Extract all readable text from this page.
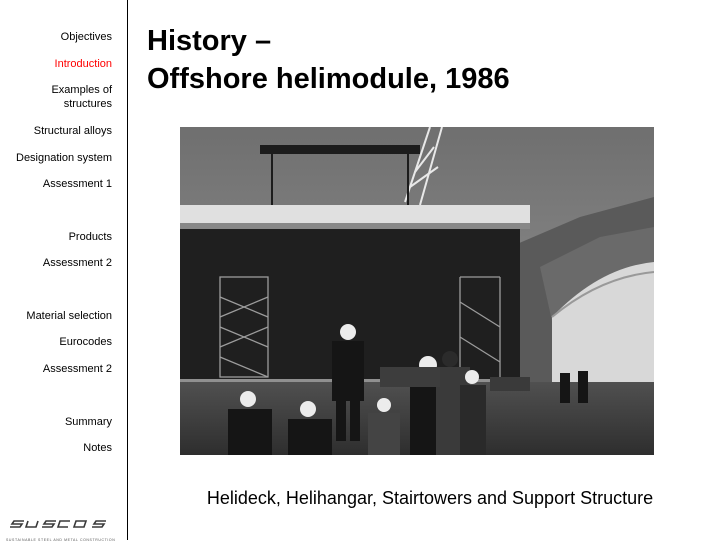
Objectives
Introduction
Examples of structures
Structural alloys
Designation system
Assessment 1
Products
Assessment 2
Material selection
Eurocodes
Assessment 2
Summary
Notes
SUSTAINABLE STEEL AND METAL CONSTRUCTION
History –
Offshore helimodule, 1986
Helideck, Helihangar, Stairtowers and Support Structure
